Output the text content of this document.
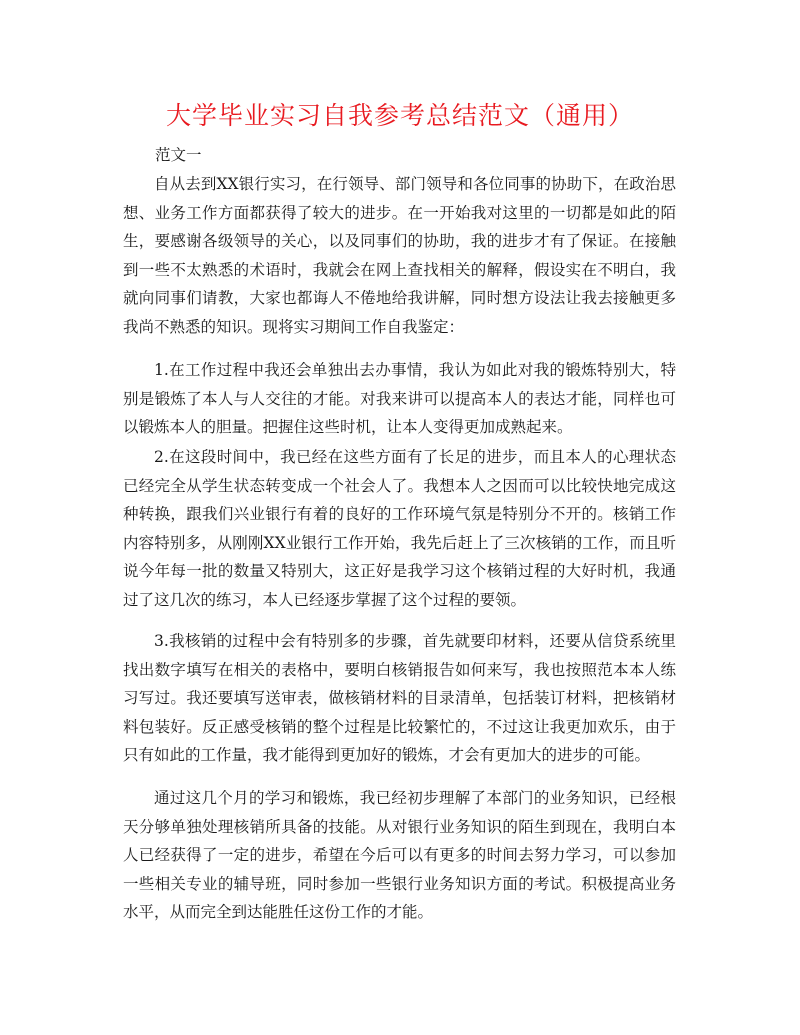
大学毕业实习自我参考总结范文（通用）

范文一

自从去到XX银行实习，在行领导、部门领导和各位同事的协助下，在政治思想、业务工作方面都获得了较大的进步。在一开始我对这里的一切都是如此的陌生，要感谢各级领导的关心，以及同事们的协助，我的进步才有了保证。在接触到一些不太熟悉的术语时，我就会在网上查找相关的解释，假设实在不明白，我就向同事们请教，大家也都诲人不倦地给我讲解，同时想方设法让我去接触更多我尚不熟悉的知识。现将实习期间工作自我鉴定：

1.在工作过程中我还会单独出去办事情，我认为如此对我的锻炼特别大，特别是锻炼了本人与人交往的才能。对我来讲可以提高本人的表达才能，同样也可以锻炼本人的胆量。把握住这些时机，让本人变得更加成熟起来。

2.在这段时间中，我已经在这些方面有了长足的进步，而且本人的心理状态已经完全从学生状态转变成一个社会人了。我想本人之因而可以比较快地完成这种转换，跟我们兴业银行有着的良好的工作环境气氛是特别分不开的。核销工作内容特别多，从刚刚XX业银行工作开始，我先后赶上了三次核销的工作，而且听说今年每一批的数量又特别大，这正好是我学习这个核销过程的大好时机，我通过了这几次的练习，本人已经逐步掌握了这个过程的要领。

3.我核销的过程中会有特别多的步骤，首先就要印材料，还要从信贷系统里找出数字填写在相关的表格中，要明白核销报告如何来写，我也按照范本本人练习写过。我还要填写送审表，做核销材料的目录清单，包括装订材料，把核销材料包装好。反正感受核销的整个过程是比较繁忙的，不过这让我更加欢乐，由于只有如此的工作量，我才能得到更加好的锻炼，才会有更加大的进步的可能。

通过这几个月的学习和锻炼，我已经初步理解了本部门的业务知识，已经根天分够单独处理核销所具备的技能。从对银行业务知识的陌生到现在，我明白本人已经获得了一定的进步，希望在今后可以有更多的时间去努力学习，可以参加一些相关专业的辅导班，同时参加一些银行业务知识方面的考试。积极提高业务水平，从而完全到达能胜任这份工作的才能。
